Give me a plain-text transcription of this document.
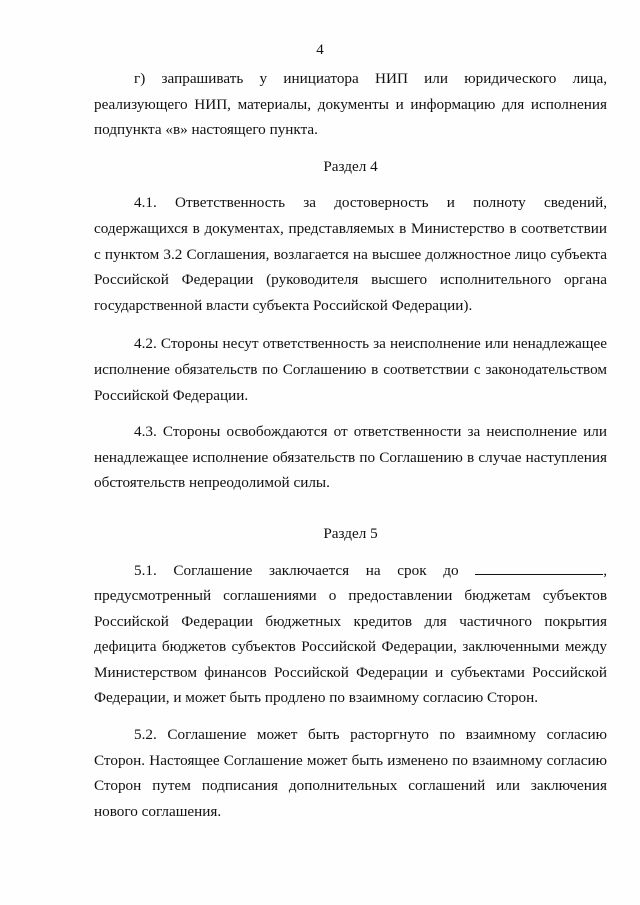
4

г) запрашивать у инициатора НИП или юридического лица, реализующего НИП, материалы, документы и информацию для исполнения подпункта «в» настоящего пункта.

Раздел 4

4.1. Ответственность за достоверность и полноту сведений, содержащихся в документах, представляемых в Министерство в соответствии с пунктом 3.2 Соглашения, возлагается на высшее должностное лицо субъекта Российской Федерации (руководителя высшего исполнительного органа государственной власти субъекта Российской Федерации).

4.2. Стороны несут ответственность за неисполнение или ненадлежащее исполнение обязательств по Соглашению в соответствии с законодательством Российской Федерации.

4.3. Стороны освобождаются от ответственности за неисполнение или ненадлежащее исполнение обязательств по Соглашению в случае наступления обстоятельств непреодолимой силы.

Раздел 5

5.1. Соглашение заключается на срок до	, предусмотренный соглашениями о предоставлении бюджетам субъектов Российской Федерации бюджетных кредитов для частичного покрытия дефицита бюджетов субъектов Российской Федерации, заключенными между Министерством финансов Российской Федерации и субъектами Российской Федерации, и может быть продлено по взаимному согласию Сторон.

5.2. Соглашение может быть расторгнуто по взаимному согласию Сторон. Настоящее Соглашение может быть изменено по взаимному согласию Сторон путем подписания дополнительных соглашений или заключения нового соглашения.
